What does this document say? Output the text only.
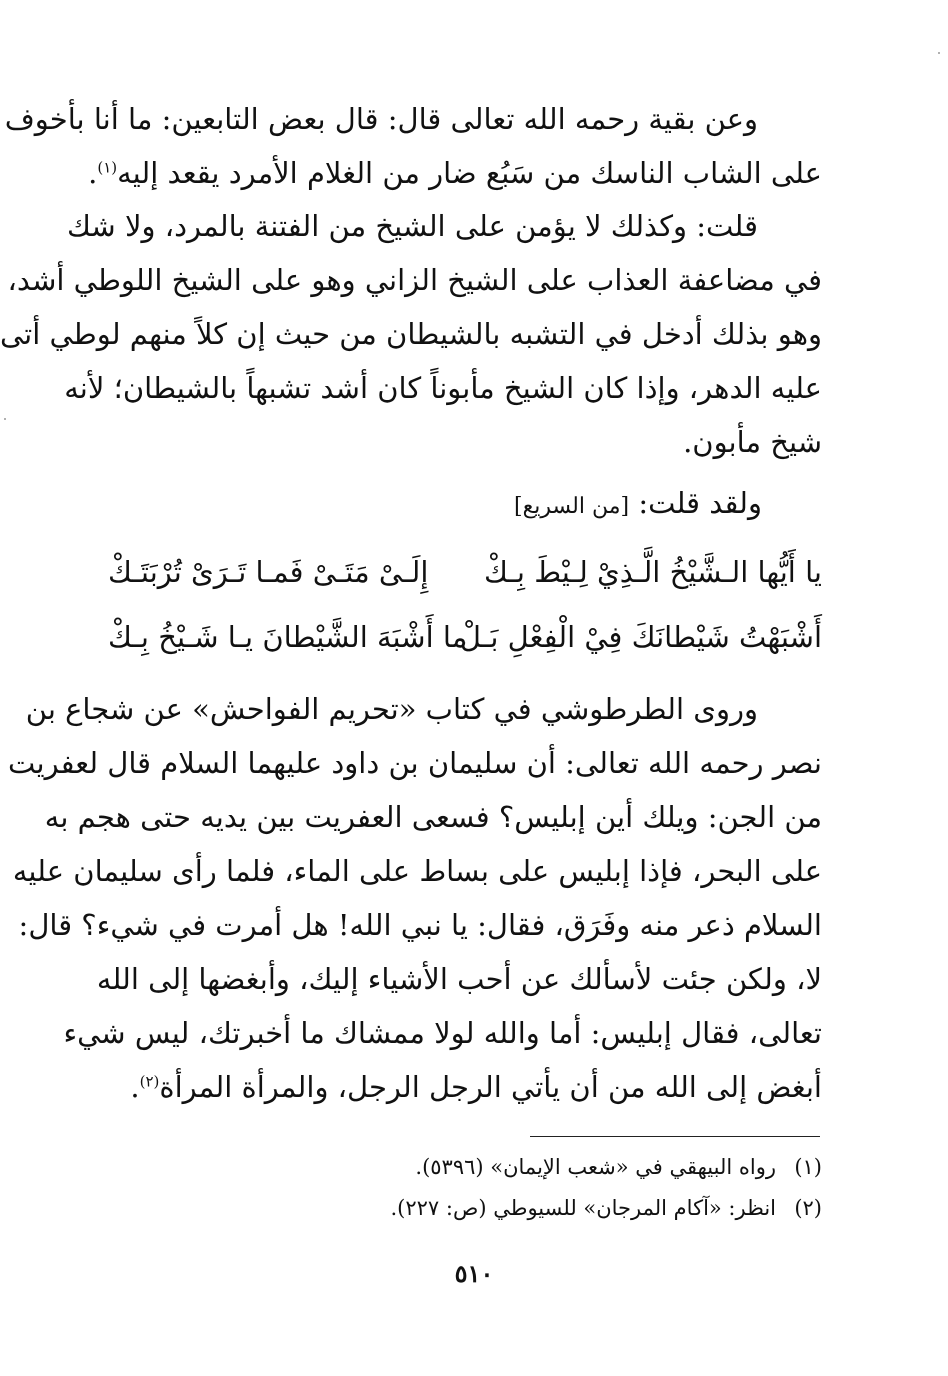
وعن بقية رحمه الله تعالى قال: قال بعض التابعين: ما أنا بأخوف
على الشاب الناسك من سَبُع ضار من الغلام الأمرد يقعد إليه$^{(١)}$.
قلت: وكذلك لا يؤمن على الشيخ من الفتنة بالمرد، ولا شك
في مضاعفة العذاب على الشيخ الزاني وهو على الشيخ اللوطي أشد،
وهو بذلك أدخل في التشبه بالشيطان من حيث إن كلاً منهم لوطي أتى
عليه الدهر، وإذا كان الشيخ مأبوناً كان أشد تشبهاً بالشيطان؛ لأنه
شيخ مأبون.
ولقد قلت: [من السريع]
يا أَيُّها الـشَّيْخُ الَّـذِيْ لِـيْطَ بِـكْ
إِلَـىْ مَتَـىْ فَمـا تَـرَىْ تُرْبَتَـكْ
أَشْبَهْتُ شَيْطانَكَ فِيْ الْفِعْلِ بَـلْ
ما أَشْبَهَ الشَّيْطانَ يـا شَـيْخُ بِـكْ
وروى الطرطوشي في كتاب «تحريم الفواحش» عن شجاع بن
نصر رحمه الله تعالى: أن سليمان بن داود عليهما السلام قال لعفريت
من الجن: ويلك أين إبليس؟ فسعى العفريت بين يديه حتى هجم به
على البحر، فإذا إبليس على بساط على الماء، فلما رأى سليمان عليه
السلام ذعر منه وفَرَق، فقال: يا نبي الله! هل أمرت في شيء؟ قال:
لا، ولكن جئت لأسألك عن أحب الأشياء إليك، وأبغضها إلى الله
تعالى، فقال إبليس: أما والله لولا ممشاك ما أخبرتك، ليس شيء
أبغض إلى الله من أن يأتي الرجل الرجل، والمرأة المرأة$^{(٢)}$.
(١)رواه البيهقي في «شعب الإيمان» (٥٣٩٦).
(٢)انظر: «آكام المرجان» للسيوطي (ص: ٢٢٧).
٥١٠
